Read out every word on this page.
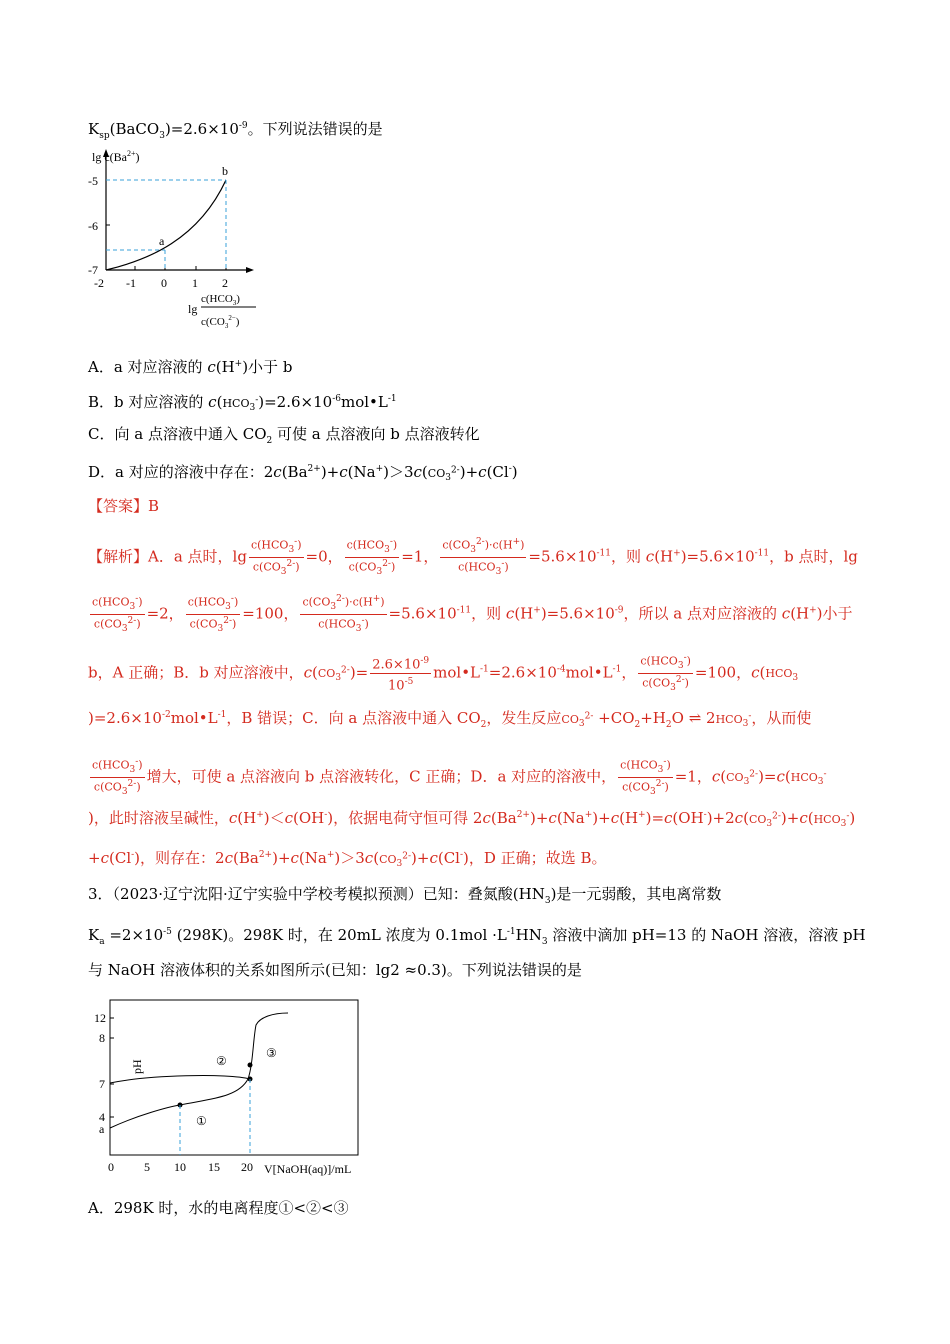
$K_{sp}(BaCO_3)=2.6\times 10^{-9}$。下列说法错误的是
$\lg c(Ba^{2+})$
-5
-6
-7
-2 -1 0 1 2
a
b
lg
$c(HCO_3)$
$c(CO_3^{2-})$
A．a 对应溶液的 c(H+)小于 b
B．b 对应溶液的 $c(HCO_3^-)=2.6\times 10^{-6}mol•L^{-1}$
C．向 a 点溶液中通入 $CO_2$ 可使 a 点溶液向 b 点溶液转化
D．a 对应的溶液中存在：$2c(Ba^{2+})+c(Na^+)>3c(CO_3^{2-})+c(Cl^-)$
【答案】B
【解析】A．a 点时，$\lg \frac{c(HCO_3^-)}{c(CO_3^{2-})} =0$， $\frac{c(HCO_3^-)}{c(CO_3^{2-})} =1$， $\frac{c(CO_3^{2-})\cdot c(H^+)}{c(HCO_3^-)} =5.6\times 10^{-11}$，则 $c(H^+)=5.6\times 10^{-11}$，b 点时，lg
$\frac{c(HCO_3^-)}{c(CO_3^{2-})} =2$， $\frac{c(HCO_3^-)}{c(CO_3^{2-})} =100$， $\frac{c(CO_3^{2-})\cdot c(H^+)}{c(HCO_3^-)} =5.6\times 10^{-11}$，则 $c(H^+)=5.6\times 10^{-9}$，所以 a 点对应溶液的 c(H+)小于
b，A 正确；B．b 对应溶液中，$c(CO_3^{2-})= \frac{2.6\times 10^{-9}}{10^{-5}}$ $mol•L^{-1}=2.6\times 10^{-4}mol•L^{-1}$， $\frac{c(HCO_3^-)}{c(CO_3^{2-})} =100$，$c(HCO_3$
)$=2.6\times 10^{-2}mol•L^{-1}$，B 错误；C．向 a 点溶液中通入 $CO_2$，发生反应$CO_3^{2-} +CO_2+H_2O$ ⇌ $2HCO_3^-$，从而使
$\frac{c(HCO_3^-)}{c(CO_3^{2-})}$ 增大，可使 a 点溶液向 b 点溶液转化，C 正确；D．a 对应的溶液中， $\frac{c(HCO_3^-)}{c(CO_3^{2-})} =1$，$c(CO_3^{2-})=c(HCO_3^-$
)，此时溶液呈碱性，c(H+)＜c(OH-)，依据电荷守恒可得 $2c(Ba^{2+})+c(Na^+)+c(H^+)=c(OH^-)+2c(CO_3^{2-})+c(HCO_3^-)$
+c(Cl-)，则存在：$2c(Ba^{2+})+c(Na^+)>3c(CO_3^{2-})+c(Cl^-)$，D 正确；故选 B。
3．（2023·辽宁沈阳·辽宁实验中学校考模拟预测）已知：叠氮酸$(HN_3)$是一元弱酸，其电离常数
$K_a =2\times 10^{-5}$ (298K)。298K 时，在 20mL 浓度为 $0.1mol \cdot L^{-1}HN_3$ 溶液中滴加 pH=13 的 NaOH 溶液，溶液 pH
与 NaOH 溶液体积的关系如图所示(已知：lg2 ≈0.3)。下列说法错误的是
pH
12
8
7
4
a
0	5 10 15 20 V[NaOH(aq)]/mL
①
②
③
A．298K 时，水的电离程度①<②<③
